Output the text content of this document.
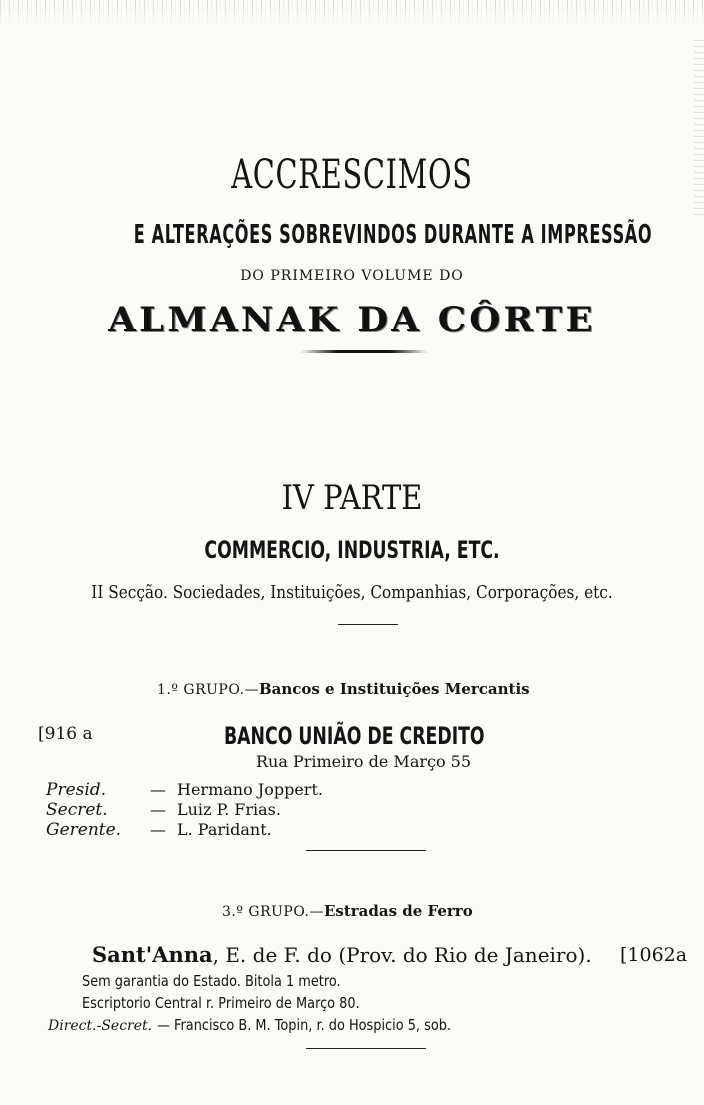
ACCRESCIMOS
E ALTERAÇÕES SOBREVINDOS DURANTE A IMPRESSÃO
DO PRIMEIRO VOLUME DO
ALMANAK DA CÔRTE
IV PARTE
COMMERCIO, INDUSTRIA, ETC.
II Secção. Sociedades, Instituições, Companhias, Corporações, etc.
1.º GRUPO.—Bancos e Instituições Mercantis
[916 a	BANCO UNIÃO DE CREDITO
Rua Primeiro de Março 55
Presid.	— Hermano Joppert.
Secret.	— Luiz P. Frias.
Gerente. — L. Paridant.
3.º GRUPO.—Estradas de Ferro
Sant'Anna, E. de F. do (Prov. do Rio de Janeiro). [1062a
Sem garantia do Estado. Bitola 1 metro.
Escriptorio Central r. Primeiro de Março 80.
Direct.-Secret. — Francisco B. M. Topin, r. do Hospicio 5, sob.
